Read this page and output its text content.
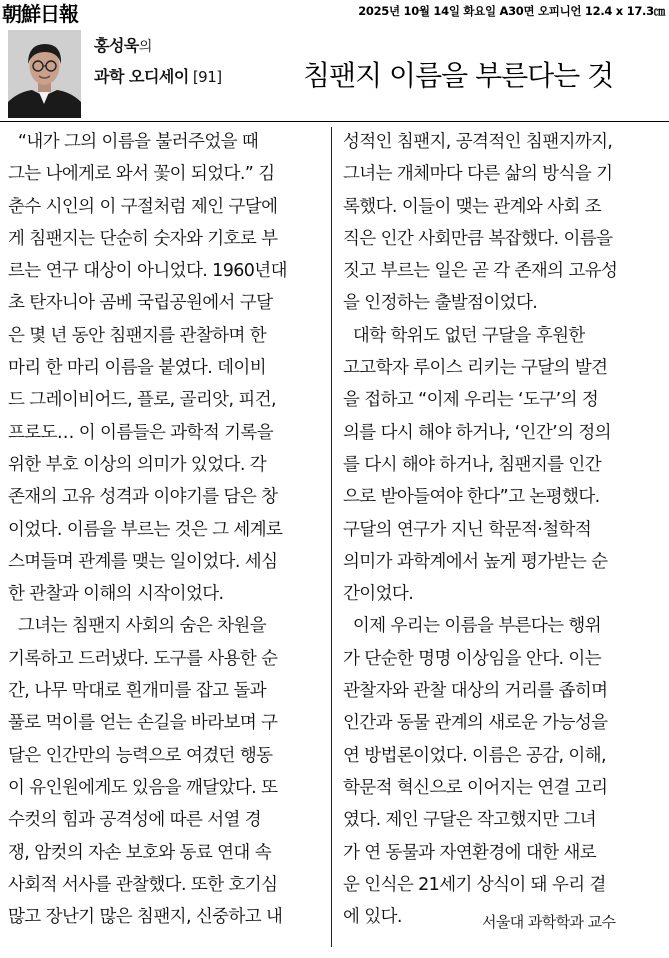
朝鮮日報	2025년 10월 14일 화요일 A30면 오피니언 12.4 x 17.3㎝
홍성욱의
과학 오디세이 [91]	침팬지 이름을 부른다는 것
“내가 그의 이름을 불러주었을 때
그는 나에게로 와서 꽃이 되었다.” 김
춘수 시인의 이 구절처럼 제인 구달에
게 침팬지는 단순히 숫자와 기호로 부
르는 연구 대상이 아니었다. 1960년대
초 탄자니아 곰베 국립공원에서 구달
은 몇 년 동안 침팬지를 관찰하며 한
마리 한 마리 이름을 붙였다. 데이비
드 그레이비어드, 플로, 골리앗, 피건,
프로도… 이 이름들은 과학적 기록을
위한 부호 이상의 의미가 있었다. 각
존재의 고유 성격과 이야기를 담은 창
이었다. 이름을 부르는 것은 그 세계로
스며들며 관계를 맺는 일이었다. 세심
한 관찰과 이해의 시작이었다.
그녀는 침팬지 사회의 숨은 차원을
기록하고 드러냈다. 도구를 사용한 순
간, 나무 막대로 흰개미를 잡고 돌과
풀로 먹이를 얻는 손길을 바라보며 구
달은 인간만의 능력으로 여겼던 행동
이 유인원에게도 있음을 깨달았다. 또
수컷의 힘과 공격성에 따른 서열 경
쟁, 암컷의 자손 보호와 동료 연대 속
사회적 서사를 관찰했다. 또한 호기심
많고 장난기 많은 침팬지, 신중하고 내
성적인 침팬지, 공격적인 침팬지까지,
그녀는 개체마다 다른 삶의 방식을 기
록했다. 이들이 맺는 관계와 사회 조
직은 인간 사회만큼 복잡했다. 이름을
짓고 부르는 일은 곧 각 존재의 고유성
을 인정하는 출발점이었다.
대학 학위도 없던 구달을 후원한
고고학자 루이스 리키는 구달의 발견
을 접하고 “이제 우리는 ‘도구’의 정
의를 다시 해야 하거나, ‘인간’의 정의
를 다시 해야 하거나, 침팬지를 인간
으로 받아들여야 한다”고 논평했다.
구달의 연구가 지닌 학문적·철학적
의미가 과학계에서 높게 평가받는 순
간이었다.
이제 우리는 이름을 부른다는 행위
가 단순한 명명 이상임을 안다. 이는
관찰자와 관찰 대상의 거리를 좁히며
인간과 동물 관계의 새로운 가능성을
연 방법론이었다. 이름은 공감, 이해,
학문적 혁신으로 이어지는 연결 고리
였다. 제인 구달은 작고했지만 그녀
가 연 동물과 자연환경에 대한 새로
운 인식은 21세기 상식이 돼 우리 곁
에 있다.	서울대 과학학과 교수
